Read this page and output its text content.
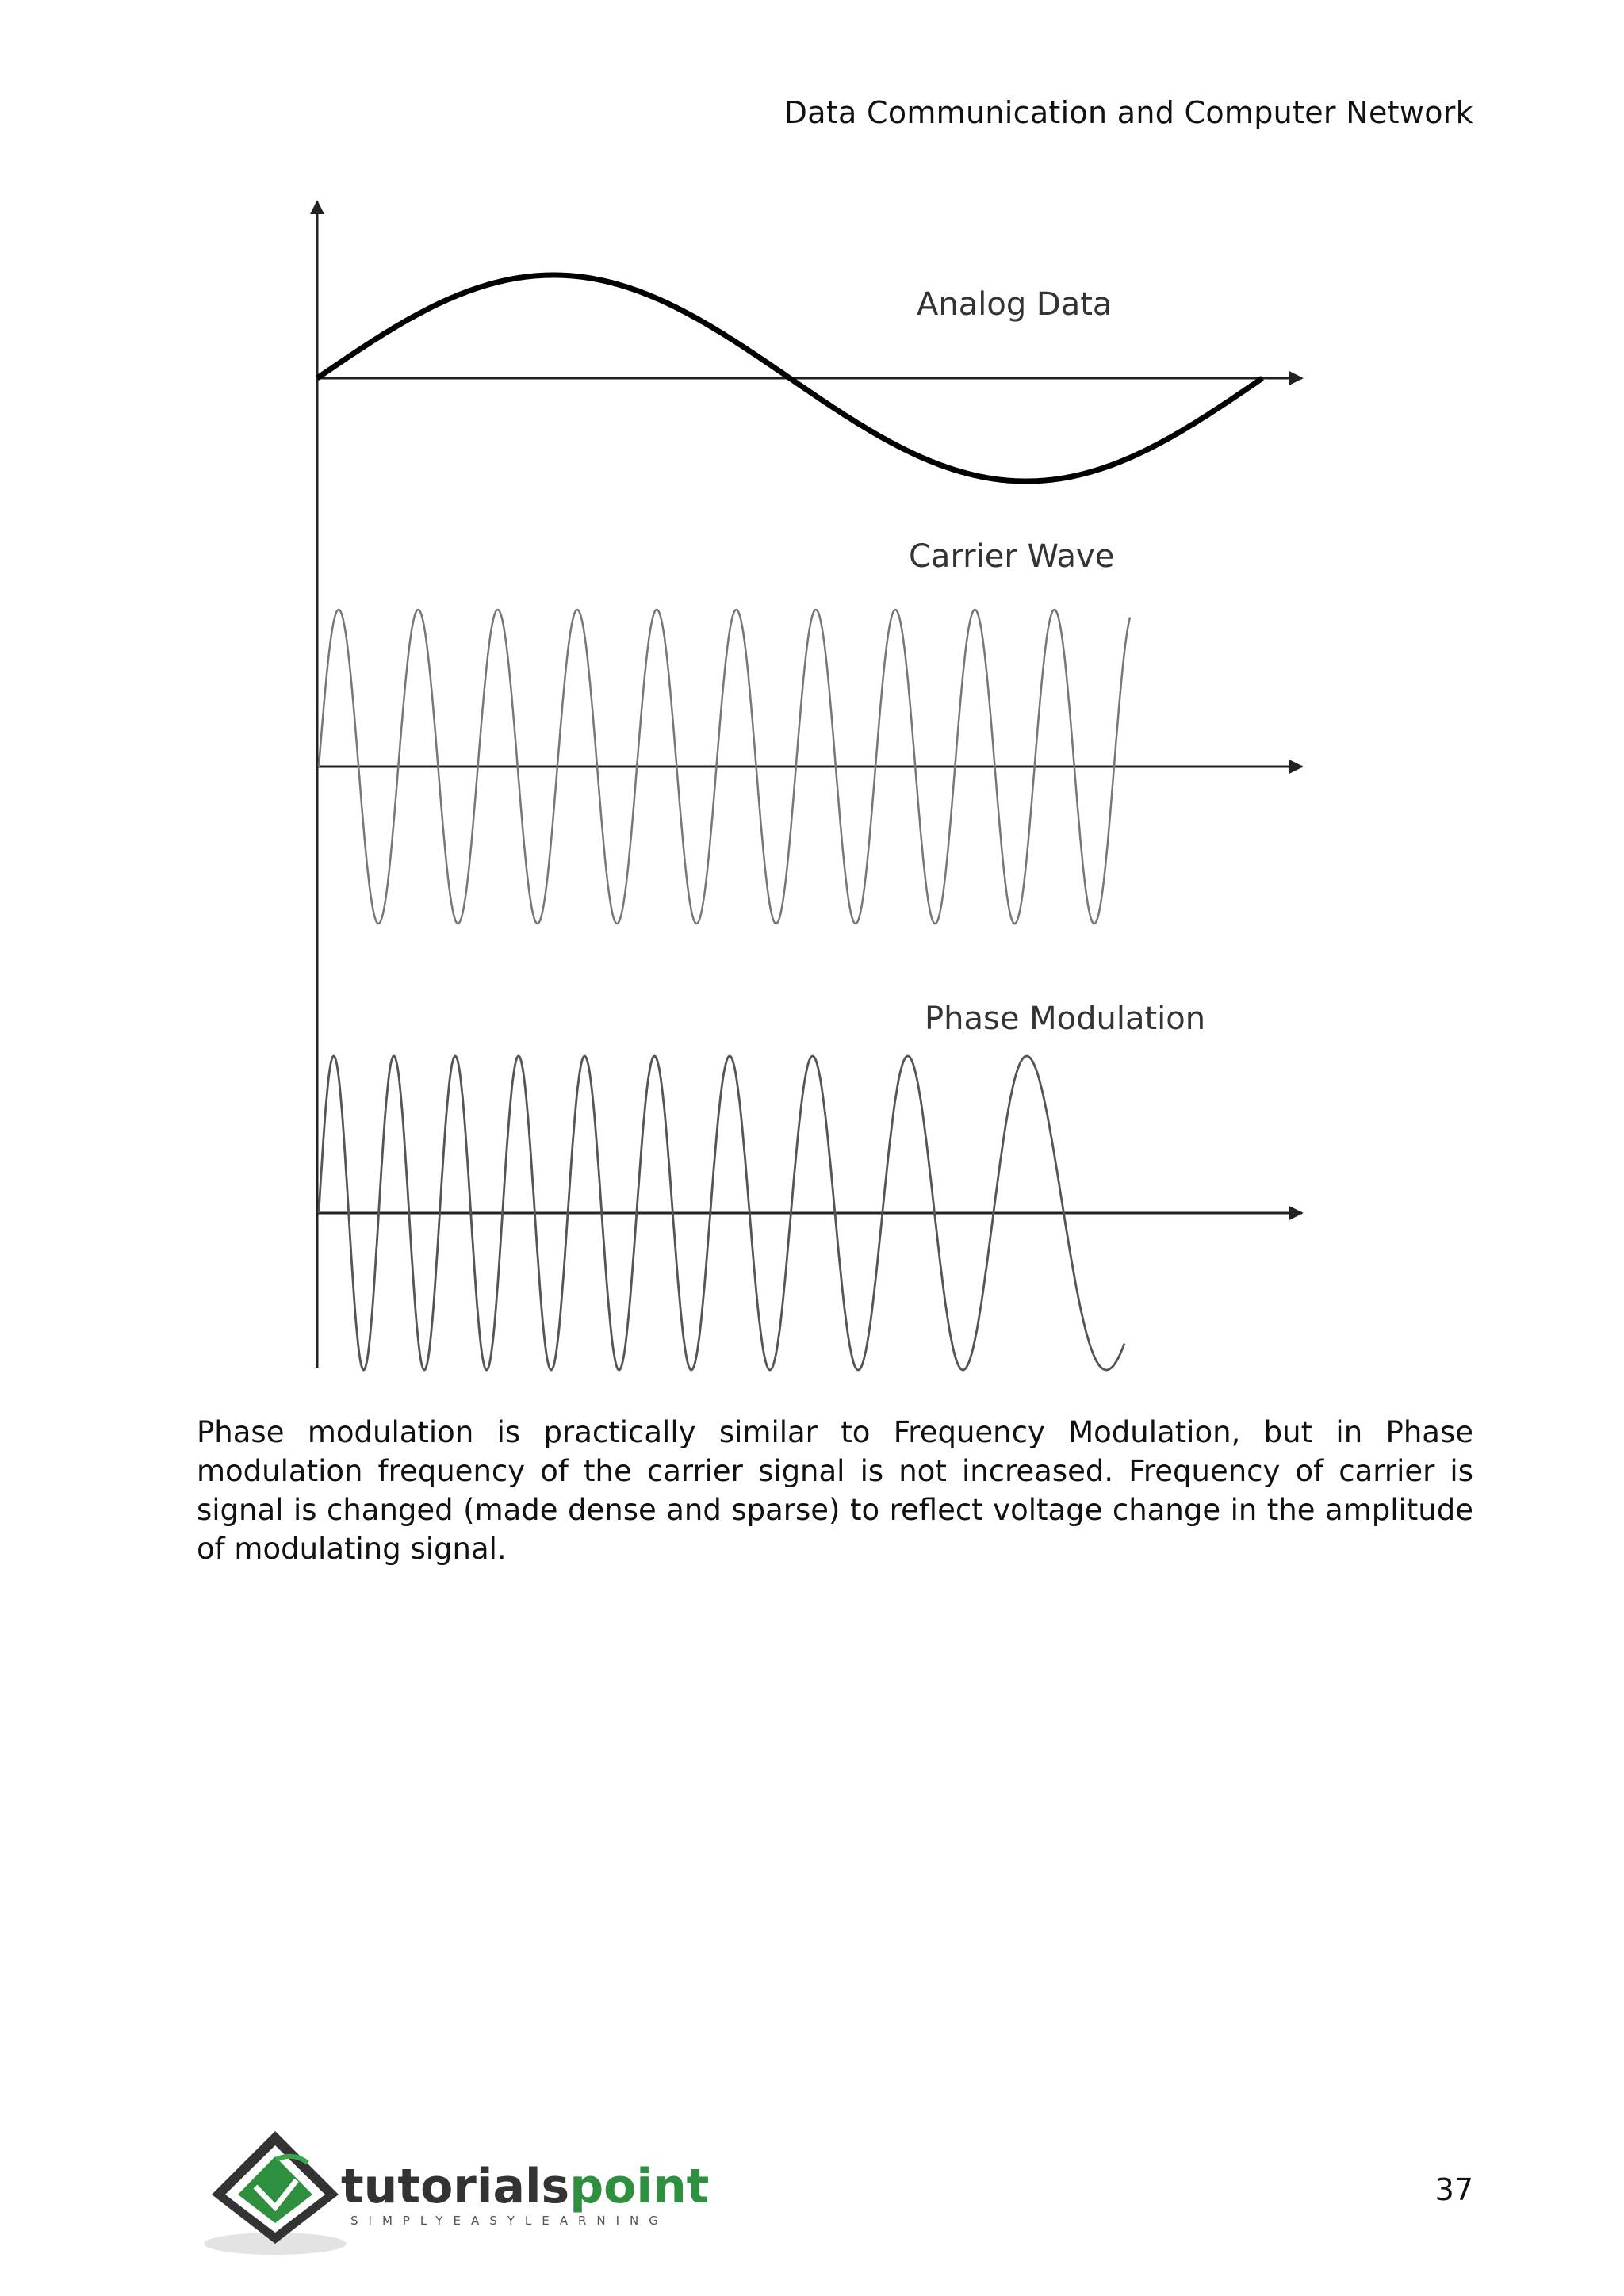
Data Communication and Computer Network
Analog Data
Carrier Wave
Phase Modulation

Phase modulation is practically similar to Frequency Modulation, but in Phase modulation frequency of the carrier signal is not increased. Frequency of carrier is signal is changed (made dense and sparse) to reflect voltage change in the amplitude of modulating signal.

tutorialspoint
SIMPLYEASYLEARNING
37
